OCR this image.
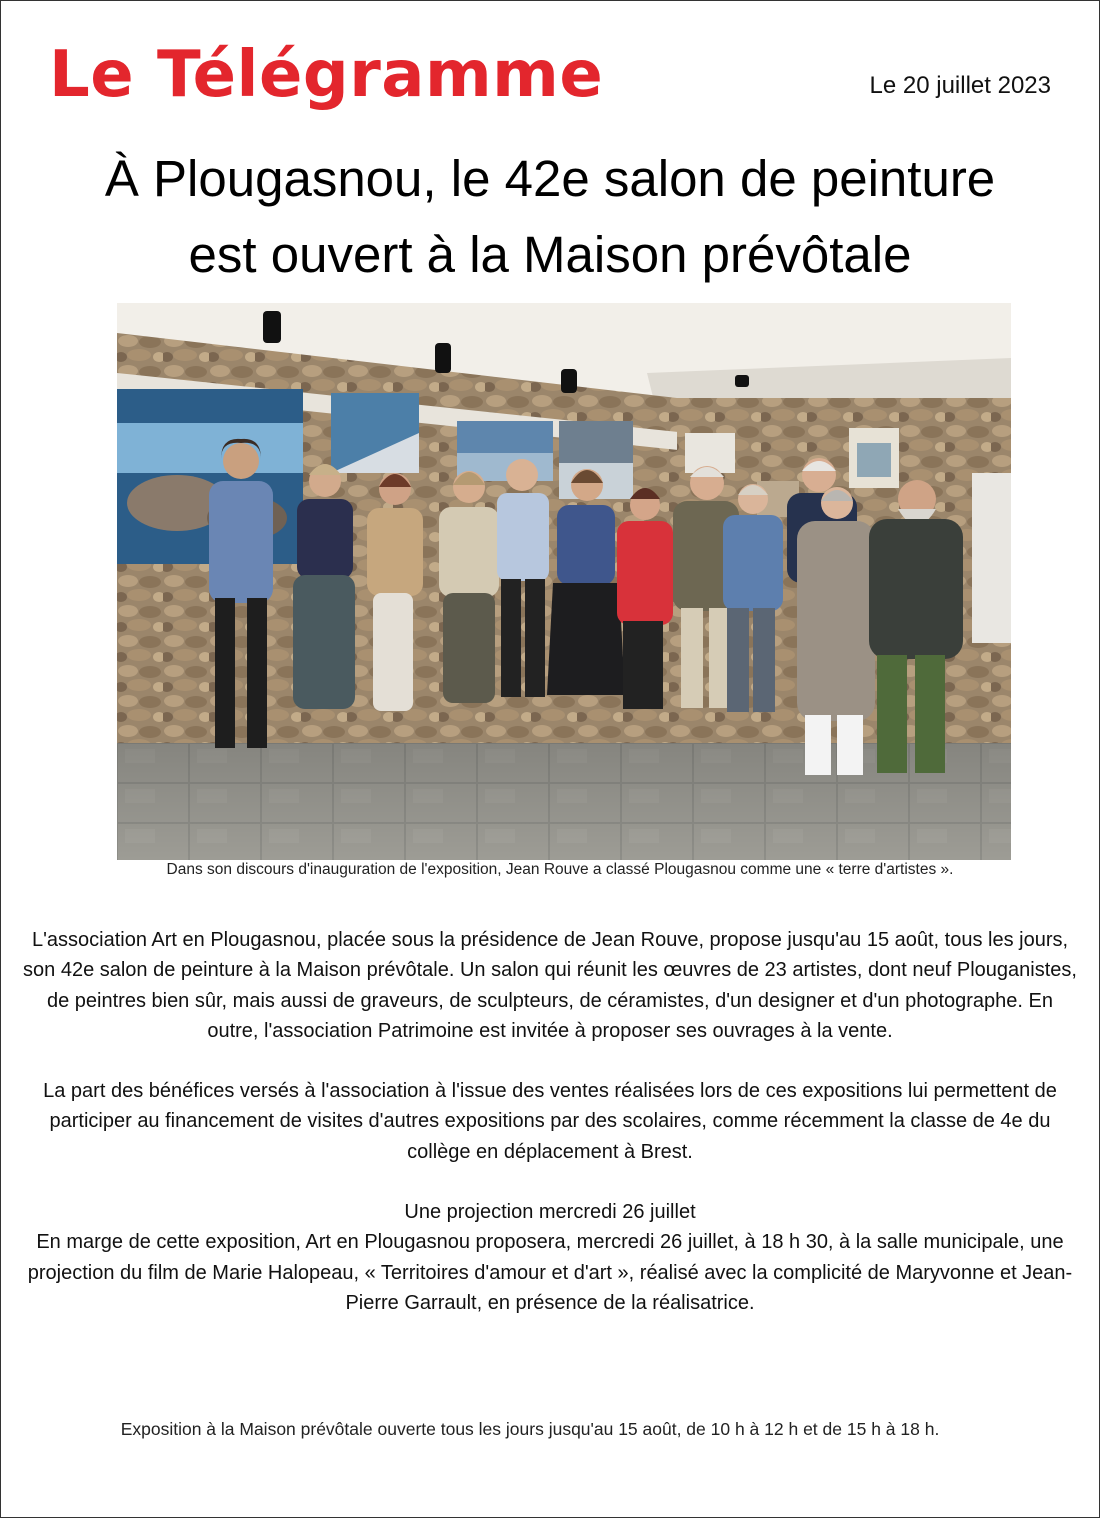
Le Télégramme	Le 20 juillet 2023
À Plougasnou, le 42e salon de peinture
est ouvert à la Maison prévôtale
Dans son discours d'inauguration de l'exposition, Jean Rouve a classé Plougasnou comme une « terre d'artistes ».

L'association Art en Plougasnou, placée sous la présidence de Jean Rouve, propose jusqu'au 15 août, tous les jours, son 42e salon de peinture à la Maison prévôtale. Un salon qui réunit les œuvres de 23 artistes, dont neuf Plouganistes, de peintres bien sûr, mais aussi de graveurs, de sculpteurs, de céramistes, d'un designer et d'un photographe. En outre, l'association Patrimoine est invitée à proposer ses ouvrages à la vente.

La part des bénéfices versés à l'association à l'issue des ventes réalisées lors de ces expositions lui permettent de participer au financement de visites d'autres expositions par des scolaires, comme récemment la classe de 4e du collège en déplacement à Brest.

Une projection mercredi 26 juillet

En marge de cette exposition, Art en Plougasnou proposera, mercredi 26 juillet, à 18 h 30, à la salle municipale, une projection du film de Marie Halopeau, « Territoires d'amour et d'art », réalisé avec la complicité de Maryvonne et Jean-Pierre Garrault, en présence de la réalisatrice.

Exposition à la Maison prévôtale ouverte tous les jours jusqu'au 15 août, de 10 h à 12 h et de 15 h à 18 h.
